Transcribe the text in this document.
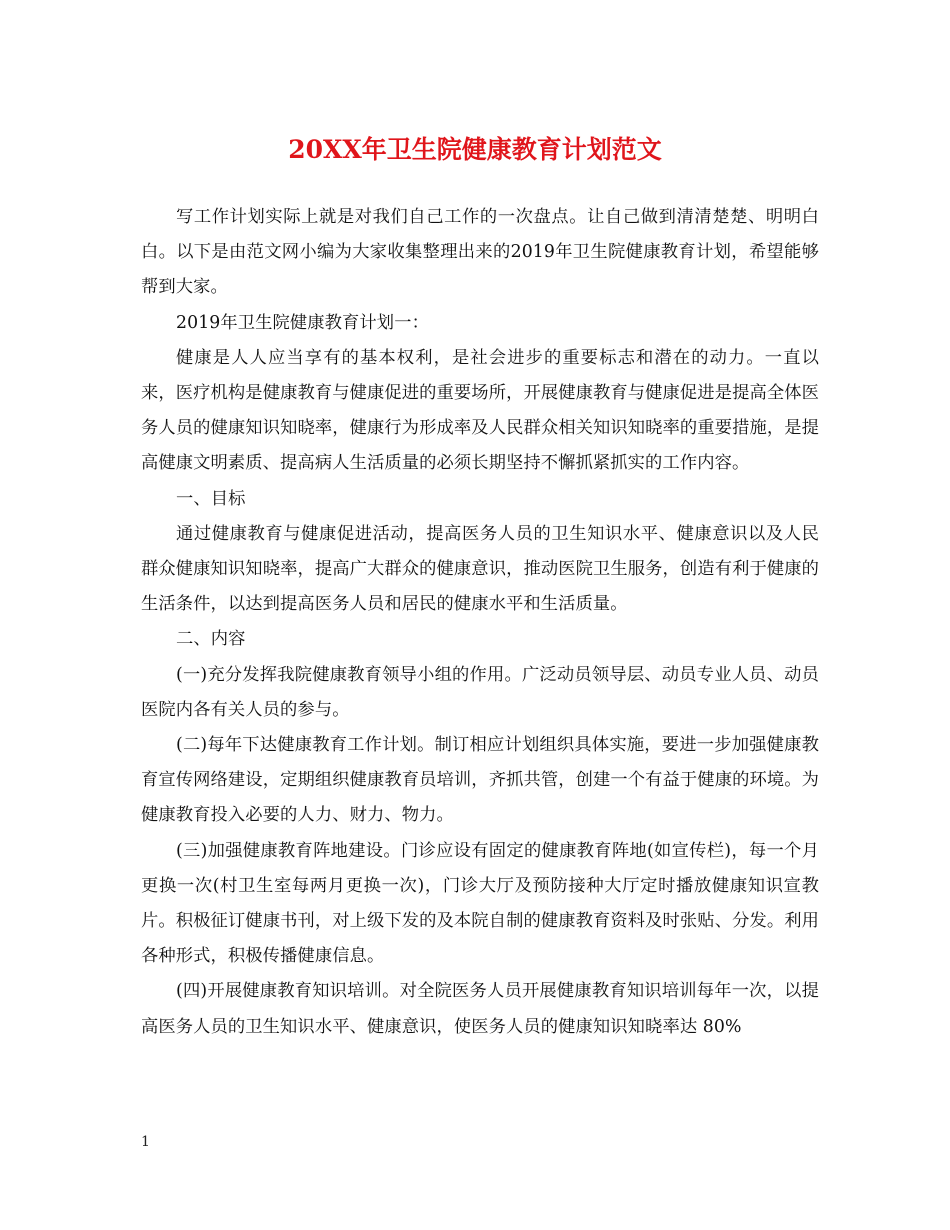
20XX年卫生院健康教育计划范文

写工作计划实际上就是对我们自己工作的一次盘点。让自己做到清清楚楚、明明白白。以下是由范文网小编为大家收集整理出来的2019年卫生院健康教育计划，希望能够帮到大家。

2019年卫生院健康教育计划一：

健康是人人应当享有的基本权利，是社会进步的重要标志和潜在的动力。一直以来，医疗机构是健康教育与健康促进的重要场所，开展健康教育与健康促进是提高全体医务人员的健康知识知晓率，健康行为形成率及人民群众相关知识知晓率的重要措施，是提高健康文明素质、提高病人生活质量的必须长期坚持不懈抓紧抓实的工作内容。

一、目标

通过健康教育与健康促进活动，提高医务人员的卫生知识水平、健康意识以及人民群众健康知识知晓率，提高广大群众的健康意识，推动医院卫生服务，创造有利于健康的生活条件，以达到提高医务人员和居民的健康水平和生活质量。

二、内容

(一)充分发挥我院健康教育领导小组的作用。广泛动员领导层、动员专业人员、动员医院内各有关人员的参与。

(二)每年下达健康教育工作计划。制订相应计划组织具体实施，要进一步加强健康教育宣传网络建设，定期组织健康教育员培训，齐抓共管，创建一个有益于健康的环境。为健康教育投入必要的人力、财力、物力。

(三)加强健康教育阵地建设。门诊应设有固定的健康教育阵地(如宣传栏)，每一个月更换一次(村卫生室每两月更换一次)，门诊大厅及预防接种大厅定时播放健康知识宣教片。积极征订健康书刊，对上级下发的及本院自制的健康教育资料及时张贴、分发。利用各种形式，积极传播健康信息。

(四)开展健康教育知识培训。对全院医务人员开展健康教育知识培训每年一次，以提高医务人员的卫生知识水平、健康意识，使医务人员的健康知识知晓率达 80%

1
